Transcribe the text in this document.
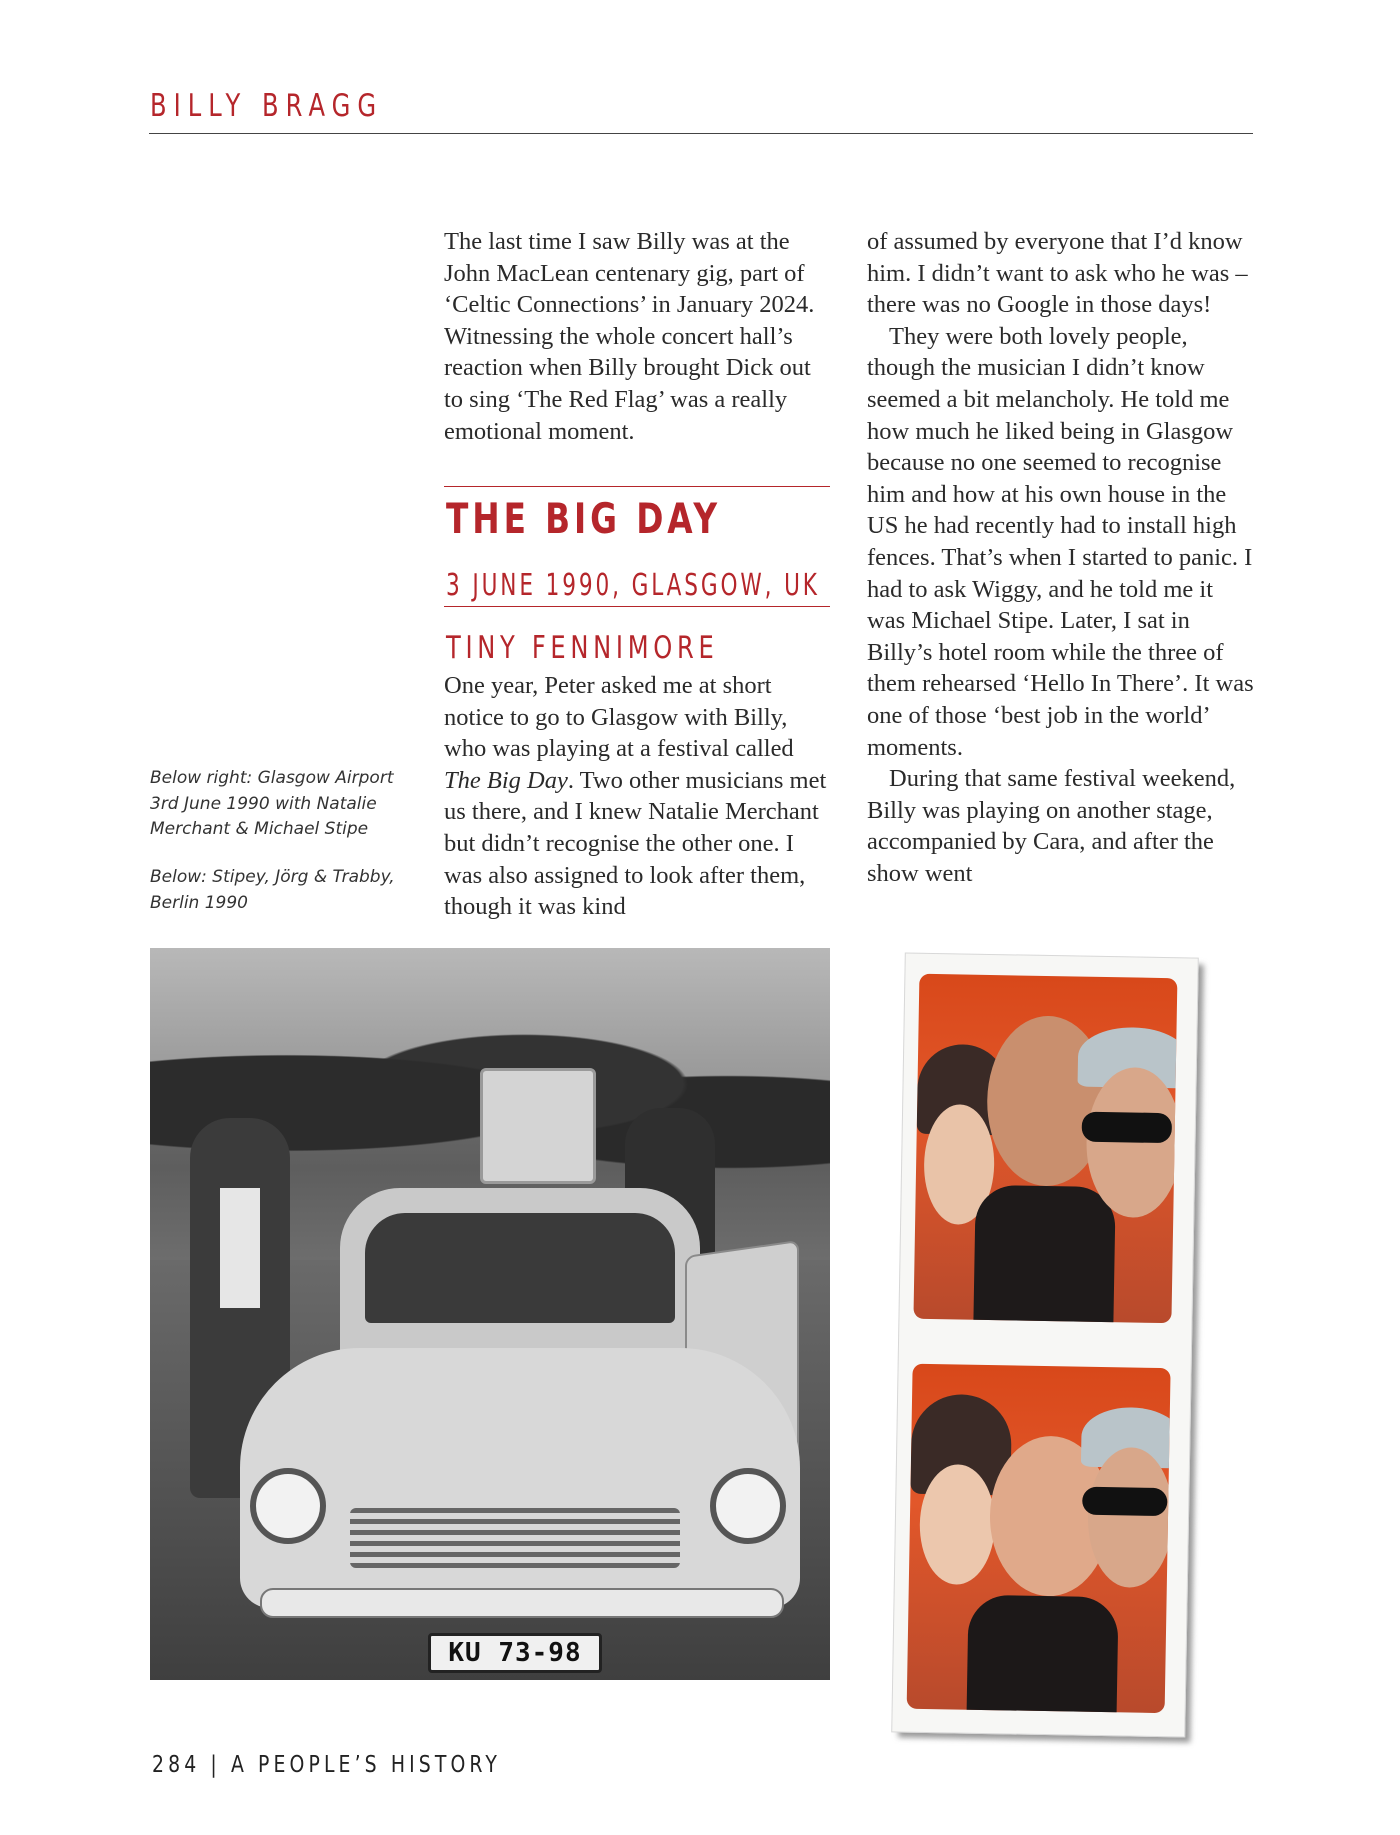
BILLY BRAGG

The last time I saw Billy was at the John MacLean centenary gig, part of ‘Celtic Connections’ in January 2024. Witnessing the whole concert hall’s reaction when Billy brought Dick out to sing ‘The Red Flag’ was a really emotional moment.

THE BIG DAY
3 JUNE 1990, GLASGOW, UK
TINY FENNIMORE

One year, Peter asked me at short notice to go to Glasgow with Billy, who was playing at a festival called The Big Day. Two other musicians met us there, and I knew Natalie Merchant but didn’t recognise the other one. I was also assigned to look after them, though it was kind

of assumed by everyone that I’d know him. I didn’t want to ask who he was – there was no Google in those days!

They were both lovely people, though the musician I didn’t know seemed a bit melancholy. He told me how much he liked being in Glasgow because no one seemed to recognise him and how at his own house in the US he had recently had to install high fences. That’s when I started to panic. I had to ask Wiggy, and he told me it was Michael Stipe. Later, I sat in Billy’s hotel room while the three of them rehearsed ‘Hello In There’. It was one of those ‘best job in the world’ moments.

During that same festival weekend, Billy was playing on another stage, accompanied by Cara, and after the show went

Below right: Glasgow Airport 3rd June 1990 with Natalie Merchant & Michael Stipe
Below: Stipey, Jörg & Trabby, Berlin 1990
KU 73-98
284 | A PEOPLE’S HISTORY
